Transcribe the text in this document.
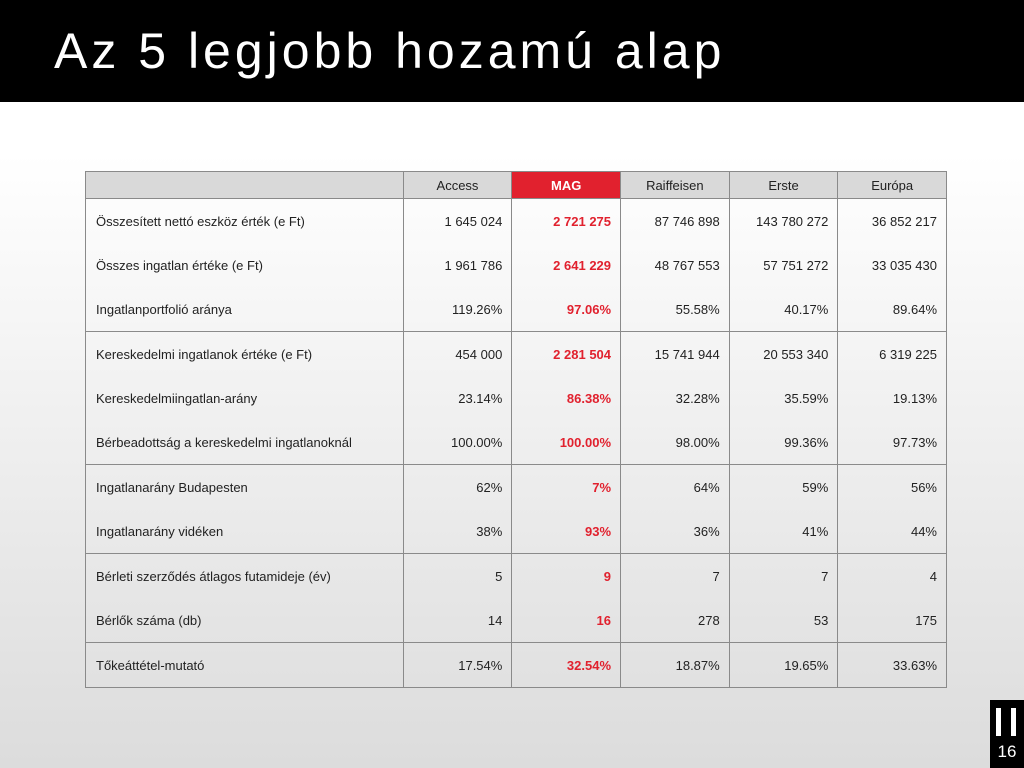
Az 5 legjobb hozamú alap
	Access	MAG	Raiffeisen	Erste	Európa
Összesített nettó eszköz érték (e Ft)	1 645 024	2 721 275	87 746 898	143 780 272	36 852 217
Összes ingatlan értéke (e Ft)	1 961 786	2 641 229	48 767 553	57 751 272	33 035 430
Ingatlanportfolió aránya	119.26%	97.06%	55.58%	40.17%	89.64%
Kereskedelmi ingatlanok értéke (e Ft)	454 000	2 281 504	15 741 944	20 553 340	6 319 225
Kereskedelmiingatlan-arány	23.14%	86.38%	32.28%	35.59%	19.13%
Bérbeadottság a kereskedelmi ingatlanoknál	100.00%	100.00%	98.00%	99.36%	97.73%
Ingatlanarány Budapesten	62%	7%	64%	59%	56%
Ingatlanarány vidéken	38%	93%	36%	41%	44%
Bérleti szerződés átlagos futamideje (év)	5	9	7	7	4
Bérlők száma (db)	14	16	278	53	175
Tőkeáttétel-mutató	17.54%	32.54%	18.87%	19.65%	33.63%
16
